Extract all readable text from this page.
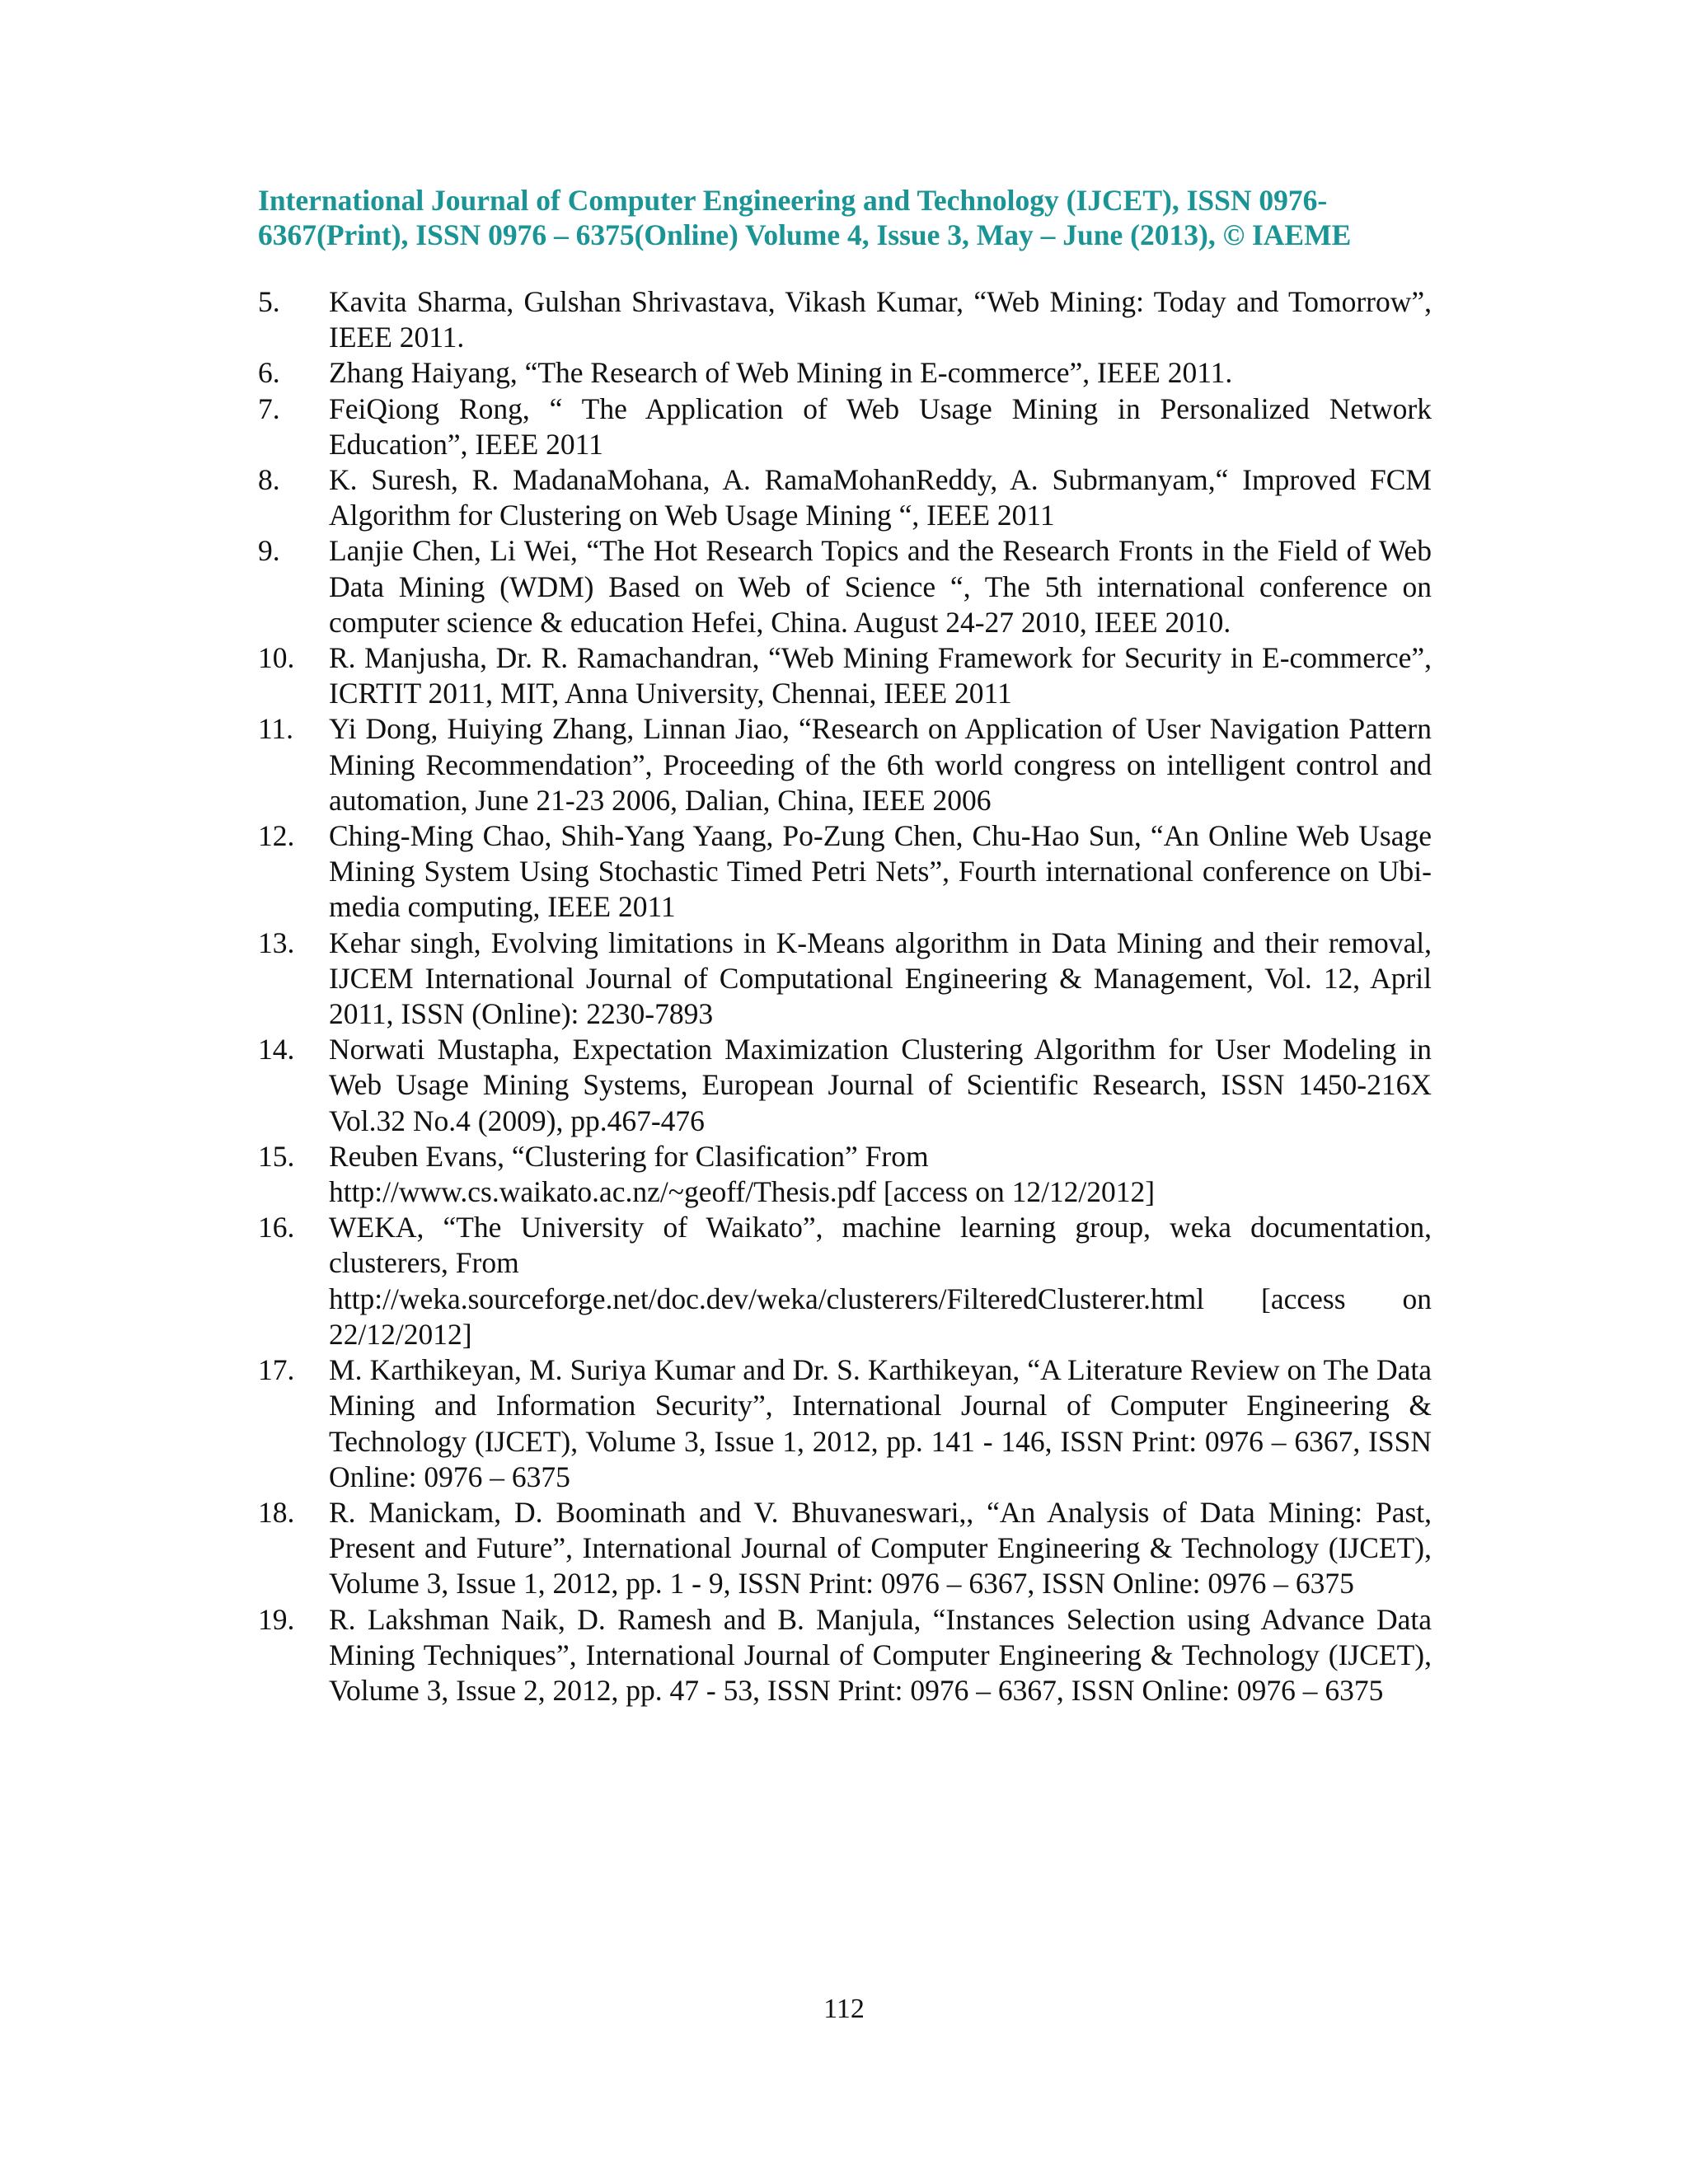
International Journal of Computer Engineering and Technology (IJCET), ISSN 0976-
6367(Print), ISSN 0976 – 6375(Online) Volume 4, Issue 3, May – June (2013), © IAEME
5.	Kavita Sharma, Gulshan Shrivastava, Vikash Kumar, “Web Mining: Today and Tomorrow”, IEEE 2011.
6.	Zhang Haiyang, “The Research of Web Mining in E-commerce”, IEEE 2011.
7.	FeiQiong Rong, “ The Application of Web Usage Mining in Personalized Network Education”, IEEE 2011
8.	K. Suresh, R. MadanaMohana, A. RamaMohanReddy, A. Subrmanyam,“ Improved FCM Algorithm for Clustering on Web Usage Mining “, IEEE 2011
9.	Lanjie Chen, Li Wei, “The Hot Research Topics and the Research Fronts in the Field of Web Data Mining (WDM) Based on Web of Science “, The 5th international conference on computer science & education Hefei, China. August 24-27 2010, IEEE 2010.
10.	R. Manjusha, Dr. R. Ramachandran, “Web Mining Framework for Security in E-commerce”, ICRTIT 2011, MIT, Anna University, Chennai, IEEE 2011
11.	Yi Dong, Huiying Zhang, Linnan Jiao, “Research on Application of User Navigation Pattern Mining Recommendation”, Proceeding of the 6th world congress on intelligent control and automation, June 21-23 2006, Dalian, China, IEEE 2006
12.	Ching-Ming Chao, Shih-Yang Yaang, Po-Zung Chen, Chu-Hao Sun, “An Online Web Usage Mining System Using Stochastic Timed Petri Nets”, Fourth international conference on Ubi-media computing, IEEE 2011
13.	Kehar singh, Evolving limitations in K-Means algorithm in Data Mining and their removal, IJCEM International Journal of Computational Engineering & Management, Vol. 12, April 2011, ISSN (Online): 2230-7893
14.	Norwati Mustapha, Expectation Maximization Clustering Algorithm for User Modeling in Web Usage Mining Systems, European Journal of Scientific Research, ISSN 1450-216X Vol.32 No.4 (2009), pp.467-476
15.	Reuben Evans, “Clustering for Clasification” From
http://www.cs.waikato.ac.nz/~geoff/Thesis.pdf [access on 12/12/2012]
16.	WEKA, “The University of Waikato”, machine learning group, weka documentation, clusterers, From
http://weka.sourceforge.net/doc.dev/weka/clusterers/FilteredClusterer.html [access on 22/12/2012]
17.	M. Karthikeyan, M. Suriya Kumar and Dr. S. Karthikeyan, “A Literature Review on The Data Mining and Information Security”, International Journal of Computer Engineering & Technology (IJCET), Volume 3, Issue 1, 2012, pp. 141 - 146, ISSN Print: 0976 – 6367, ISSN Online: 0976 – 6375
18.	R. Manickam, D. Boominath and V. Bhuvaneswari,, “An Analysis of Data Mining: Past, Present and Future”, International Journal of Computer Engineering & Technology (IJCET), Volume 3, Issue 1, 2012, pp. 1 - 9, ISSN Print: 0976 – 6367, ISSN Online: 0976 – 6375
19.	R. Lakshman Naik, D. Ramesh and B. Manjula, “Instances Selection using Advance Data Mining Techniques”, International Journal of Computer Engineering & Technology (IJCET), Volume 3, Issue 2, 2012, pp. 47 - 53, ISSN Print: 0976 – 6367, ISSN Online: 0976 – 6375
112
